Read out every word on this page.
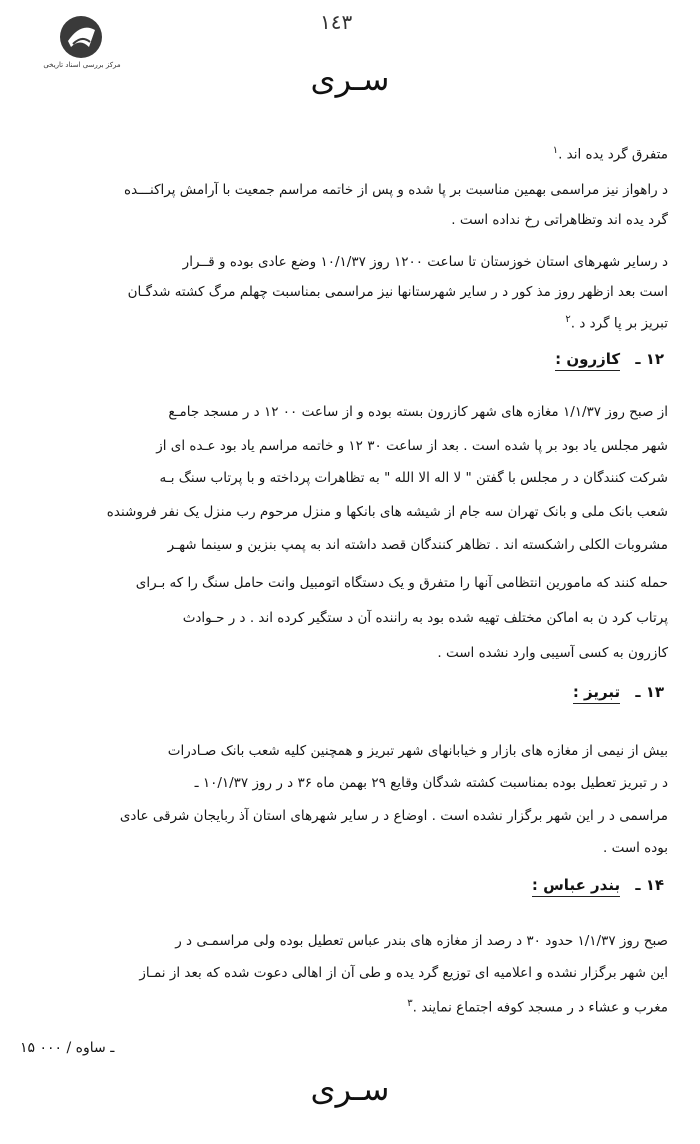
مرکز بررسی اسناد تاریخی
١٤٣
سـری
متفرق گرد یده اند .$^١$
د راهواز نیز مراسمی بهمین مناسبت بر پا شده و پس از خاتمه مراسم جمعیت با آرامش پراکنـــده
گرد یده اند وتظاهراتی رخ نداده است .
د رسایر شهرهای استان خوزستان تا ساعت ۱۲۰۰ روز ۱۰/۱/۳۷ وضع عادی بوده و قــرار
است بعد ازظهر روز مذ کور د ر سایر شهرستانها نیز مراسمی بمناسبت چهلم مرگ کشته شدگـان
تبریز بر پا گرد د .$^٢$
۱۲ ـ کازرون :
از صبح روز ۱/۱/۳۷ مغازه های شهر کازرون بسته بوده و از ساعت ۰۰ ۱۲ د ر مسجد جامـع
شهر مجلس یاد بود بر پا شده است . بعد از ساعت ۳۰ ۱۲ و خاتمه مراسم یاد بود عـده ای از
شرکت کنندگان د ر مجلس با گفتن " لا اله الا الله " به تظاهرات پرداخته و با پرتاب سنگ بـه
شعب بانک ملی و بانک تهران سه جام از شیشه های بانکها و منزل مرحوم رب منزل یک نفر فروشنده
مشروبات الکلی راشکسته اند . تظاهر کنندگان قصد داشته اند به پمپ بنزین و سینما شهـر
حمله کنند که مامورین انتظامی آنها را متفرق و یک دستگاه اتومبیل وانت حامل سنگ را که بـرای
پرتاب کرد ن به اماکن مختلف تهیه شده بود به راننده آن د ستگیر کرده اند . د ر حـوادث
کازرون به کسی آسیبی وارد نشده است .
۱۳ ـ تبریز :
بیش از نیمی از مغازه های بازار و خیابانهای شهر تبریز و همچنین کلیه شعب بانک صـادرات
د ر تبریز تعطیل بوده بمناسبت کشته شدگان وقایع ۲۹ بهمن ماه ۳۶ د ر روز ۱۰/۱/۳۷ ـ
مراسمی د ر این شهر برگزار نشده است . اوضاع د ر سایر شهرهای استان آذ ربایجان شرقی عادی
بوده است .
۱۴ ـ بندر عباس :
صبح روز ۱/۱/۳۷ حدود ۳۰ د رصد از مغازه های بندر عباس تعطیل بوده ولی مراسمـی د ر
این شهر برگزار نشده و اعلامیه ای توزیع گرد یده و طی آن از اهالی دعوت شده که بعد از نمـاز
مغرب و عشاء د ر مسجد کوفه اجتماع نمایند .$^٣$
۱۵ ـ ساوه / ۰۰۰
سـری
